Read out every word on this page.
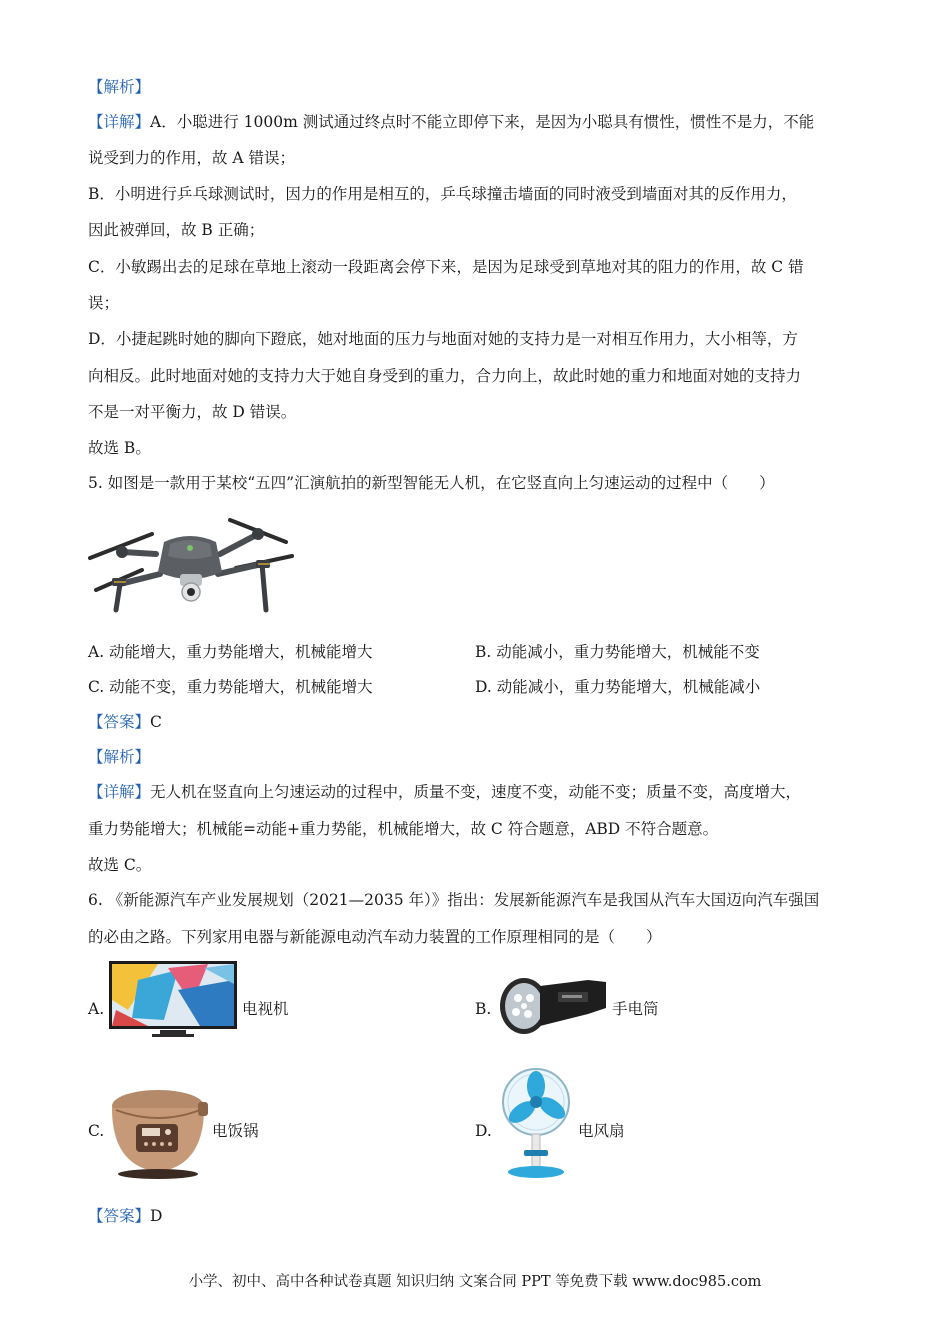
【解析】
【详解】A．小聪进行 1000m 测试通过终点时不能立即停下来，是因为小聪具有惯性，惯性不是力，不能
说受到力的作用，故 A 错误；
B．小明进行乒乓球测试时，因力的作用是相互的，乒乓球撞击墙面的同时液受到墙面对其的反作用力，
因此被弹回，故 B 正确；
C．小敏踢出去的足球在草地上滚动一段距离会停下来，是因为足球受到草地对其的阻力的作用，故 C 错
误；
D．小捷起跳时她的脚向下蹬底，她对地面的压力与地面对她的支持力是一对相互作用力，大小相等，方
向相反。此时地面对她的支持力大于她自身受到的重力，合力向上，故此时她的重力和地面对她的支持力
不是一对平衡力，故 D 错误。
故选 B。
5. 如图是一款用于某校“五四”汇演航拍的新型智能无人机，在它竖直向上匀速运动的过程中（　　）
A. 动能增大，重力势能增大，机械能增大	B. 动能减小，重力势能增大，机械能不变
C. 动能不变，重力势能增大，机械能增大	D. 动能减小，重力势能增大，机械能减小
【答案】C
【解析】
【详解】无人机在竖直向上匀速运动的过程中，质量不变，速度不变，动能不变；质量不变，高度增大，
重力势能增大；机械能=动能+重力势能，机械能增大，故 C 符合题意，ABD 不符合题意。
故选 C。
6. 《新能源汽车产业发展规划（2021—2035 年）》指出：发展新能源汽车是我国从汽车大国迈向汽车强国
的必由之路。下列家用电器与新能源电动汽车动力装置的工作原理相同的是（　　）
A.	电视机	B.	手电筒
C.	电饭锅	D.	电风扇
【答案】D
小学、初中、高中各种试卷真题 知识归纳 文案合同 PPT 等免费下载 www.doc985.com
